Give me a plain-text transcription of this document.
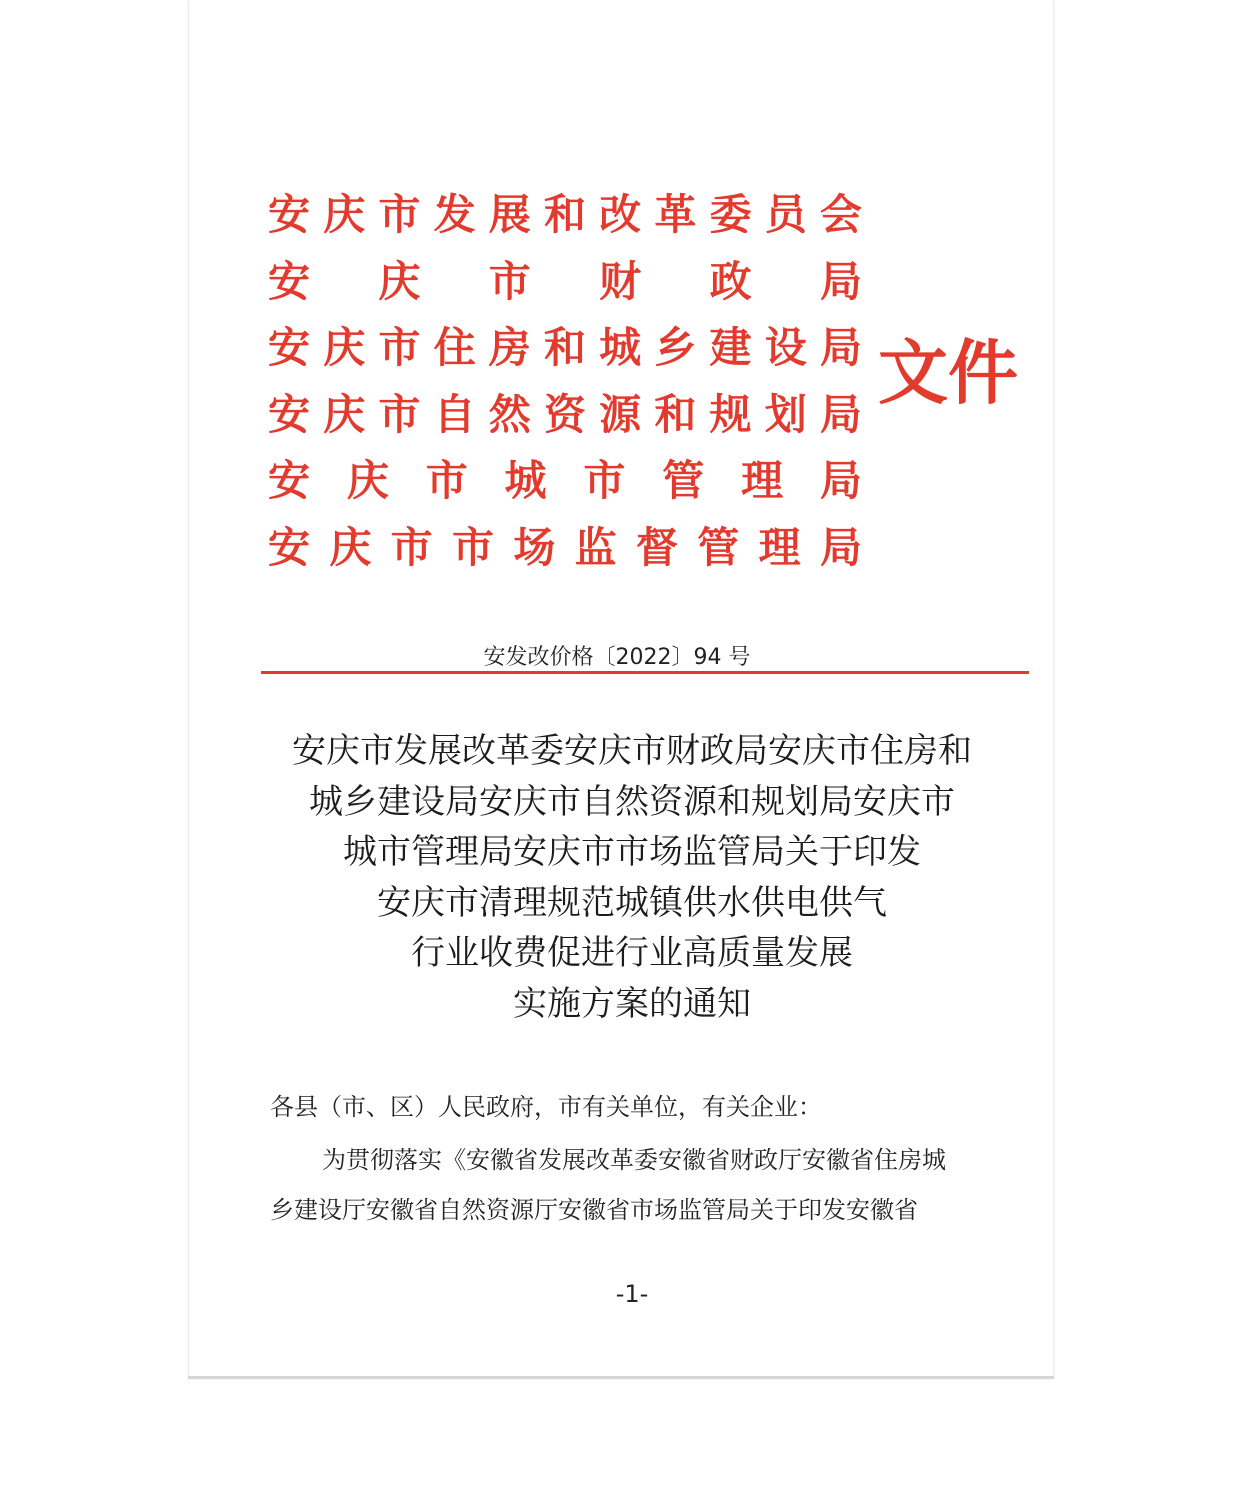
安 庆 市 发 展 和 改 革 委 员 会
安 庆 市 财 政 局
安 庆 市 住 房 和 城 乡 建 设 局
安 庆 市 自 然 资 源 和 规 划 局
安 庆 市 城 市 管 理 局
安 庆 市 市 场 监 督 管 理 局
文件
安发改价格〔2022〕94 号
安庆市发展改革委安庆市财政局安庆市住房和
城乡建设局安庆市自然资源和规划局安庆市
城市管理局安庆市市场监管局关于印发
安庆市清理规范城镇供水供电供气
行业收费促进行业高质量发展
实施方案的通知
各县（市、区）人民政府，市有关单位，有关企业：
为贯彻落实《安徽省发展改革委安徽省财政厅安徽省住房城
乡建设厅安徽省自然资源厅安徽省市场监管局关于印发安徽省
-1-
